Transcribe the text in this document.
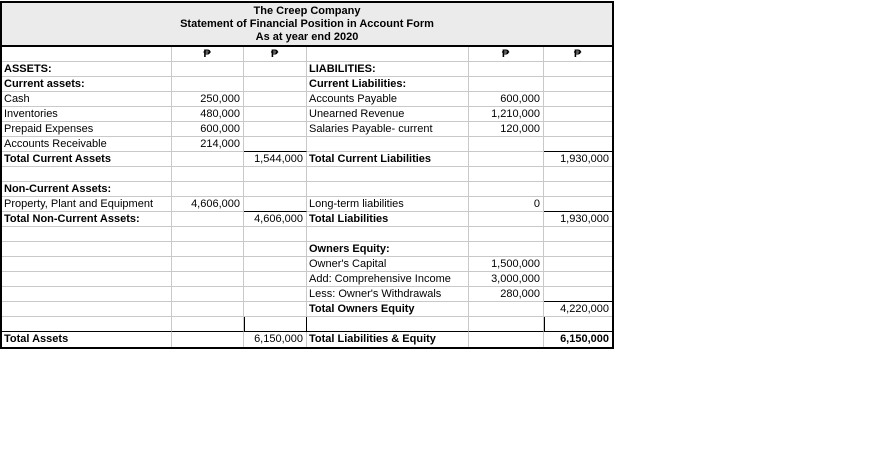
The Creep Company
Statement of Financial Position in Account Form
As at year end 2020
₱	₱	₱	₱
ASSETS:	LIABILITIES:
Current assets:	Current Liabilities:
Cash	250,000	Accounts Payable	600,000
Inventories	480,000	Unearned Revenue	1,210,000
Prepaid Expenses	600,000	Salaries Payable- current	120,000
Accounts Receivable	214,000
Total Current Assets	1,544,000 Total Current Liabilities	1,930,000
Non-Current Assets:
Property, Plant and Equipment	4,606,000	Long-term liabilities	0
Total Non-Current Assets:	4,606,000 Total Liabilities	1,930,000
Owners Equity:
Owner's Capital	1,500,000
Add: Comprehensive Income	3,000,000
Less: Owner's Withdrawals	280,000
Total Owners Equity	4,220,000
Total Assets	6,150,000 Total Liabilities & Equity	6,150,000
